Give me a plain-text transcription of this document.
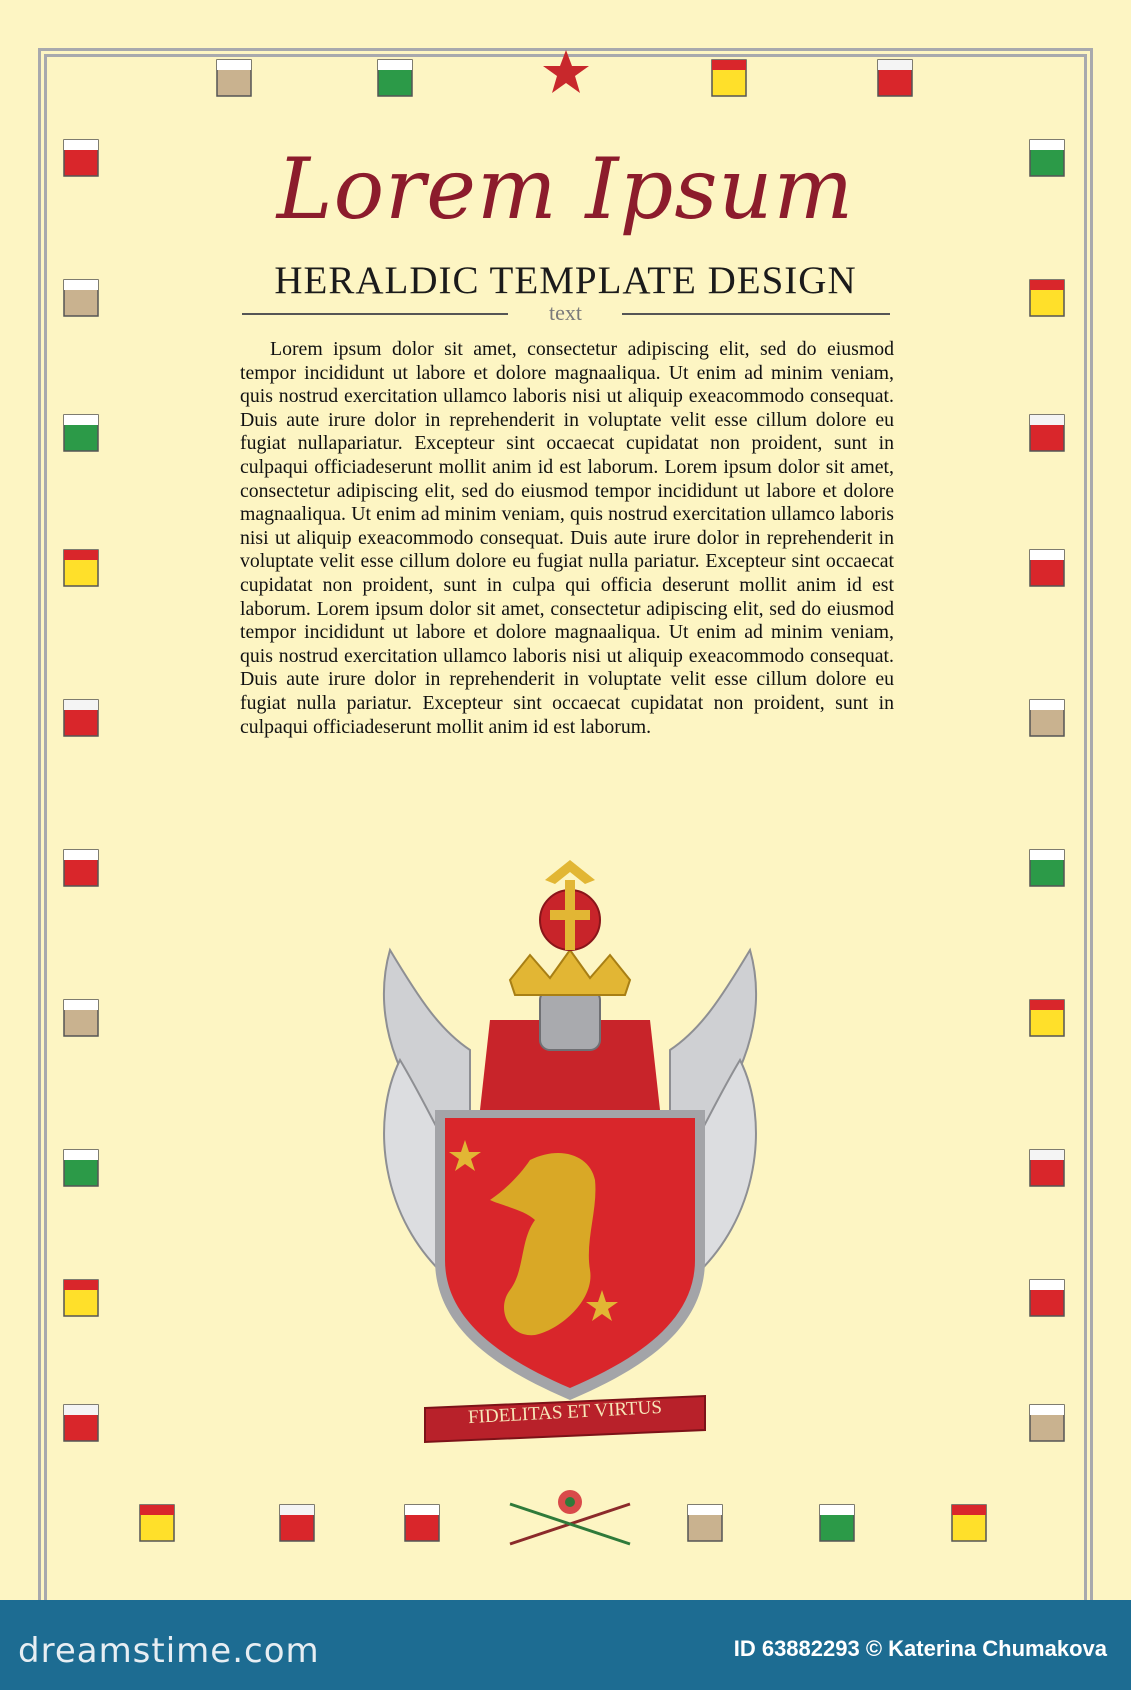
Lorem Ipsum
HERALDIC TEMPLATE DESIGN
text

Lorem ipsum dolor sit amet, consectetur adipiscing elit, sed do eiusmod tempor incididunt ut labore et dolore magnaaliqua. Ut enim ad minim veniam, quis nostrud exercitation ullamco laboris nisi ut aliquip exeacommodo consequat. Duis aute irure dolor in reprehenderit in voluptate velit esse cillum dolore eu fugiat nullapariatur. Excepteur sint occaecat cupidatat non proident, sunt in culpaqui officiadeserunt mollit anim id est laborum. Lorem ipsum dolor sit amet, consectetur adipiscing elit, sed do eiusmod tempor incididunt ut labore et dolore magnaaliqua. Ut enim ad minim veniam, quis nostrud exercitation ullamco laboris nisi ut aliquip exeacommodo consequat. Duis aute irure dolor in reprehenderit in voluptate velit esse cillum dolore eu fugiat nulla pariatur. Excepteur sint occaecat cupidatat non proident, sunt in culpa qui officia deserunt mollit anim id est laborum. Lorem ipsum dolor sit amet, consectetur adipiscing elit, sed do eiusmod tempor incididunt ut labore et dolore magnaaliqua. Ut enim ad minim veniam, quis nostrud exercitation ullamco laboris nisi ut aliquip exeacommodo consequat. Duis aute irure dolor in reprehenderit in voluptate velit esse cillum dolore eu fugiat nulla pariatur. Excepteur sint occaecat cupidatat non proident, sunt in culpaqui officiadeserunt mollit anim id est laborum.

FIDELITAS ET VIRTUS
dreamstime.com	ID 63882293 © Katerina Chumakova
